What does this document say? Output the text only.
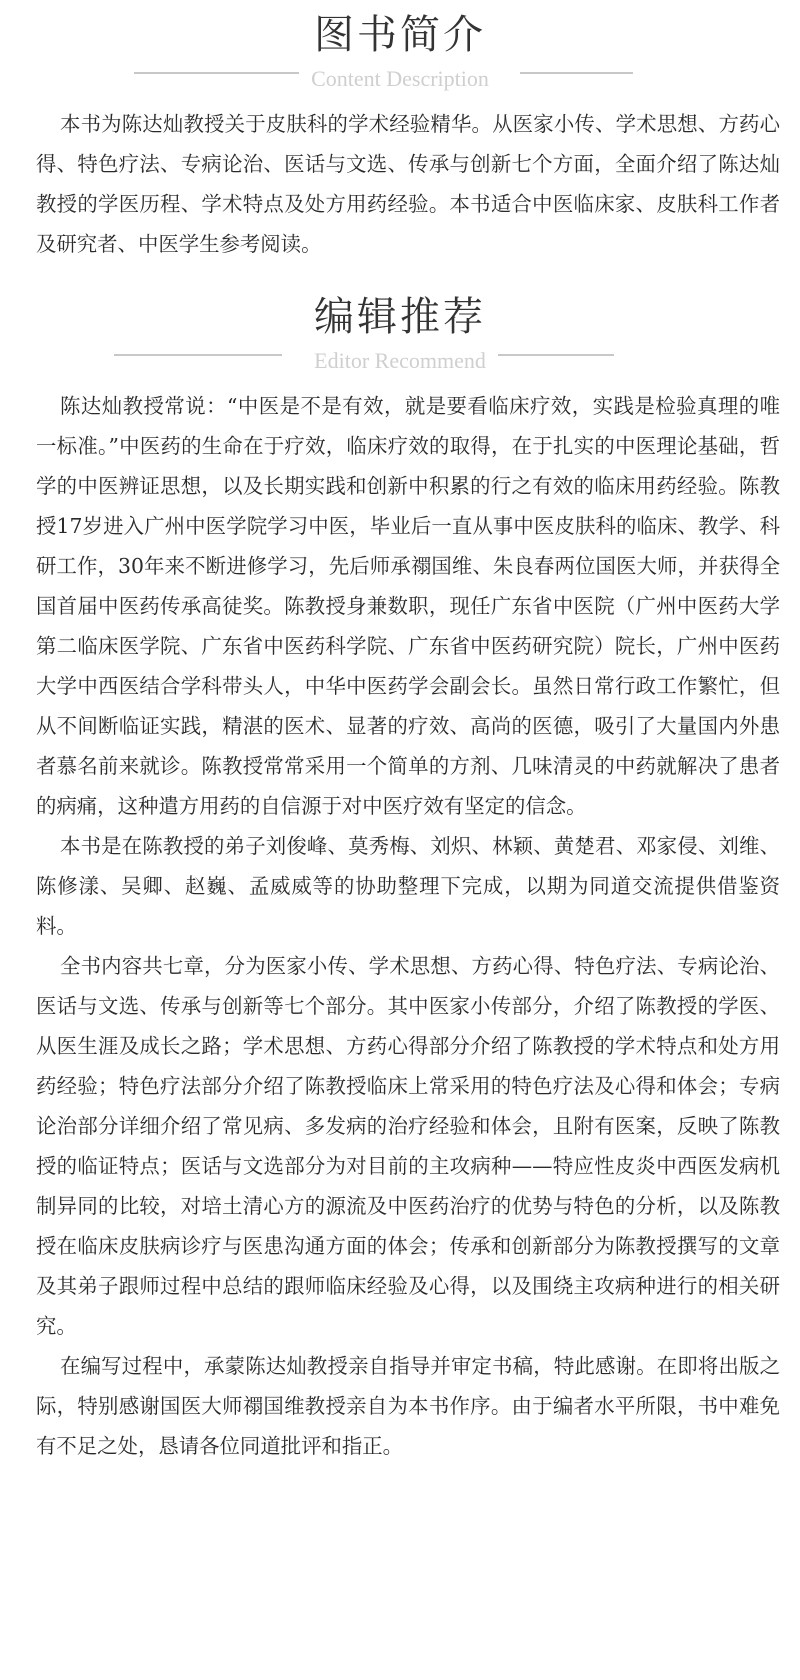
图书简介
Content Description

本书为陈达灿教授关于皮肤科的学术经验精华。从医家小传、学术思想、方药心得、特色疗法、专病论治、医话与文选、传承与创新七个方面，全面介绍了陈达灿教授的学医历程、学术特点及处方用药经验。本书适合中医临床家、皮肤科工作者及研究者、中医学生参考阅读。

编辑推荐
Editor Recommend

陈达灿教授常说：“中医是不是有效，就是要看临床疗效，实践是检验真理的唯一标准。”中医药的生命在于疗效，临床疗效的取得，在于扎实的中医理论基础，哲学的中医辨证思想，以及长期实践和创新中积累的行之有效的临床用药经验。陈教授17岁进入广州中医学院学习中医，毕业后一直从事中医皮肤科的临床、教学、科研工作，30年来不断进修学习，先后师承禤国维、朱良春两位国医大师，并获得全国首届中医药传承高徒奖。陈教授身兼数职，现任广东省中医院（广州中医药大学第二临床医学院、广东省中医药科学院、广东省中医药研究院）院长，广州中医药大学中西医结合学科带头人，中华中医药学会副会长。虽然日常行政工作繁忙，但从不间断临证实践，精湛的医术、显著的疗效、高尚的医德，吸引了大量国内外患者慕名前来就诊。陈教授常常采用一个简单的方剂、几味清灵的中药就解决了患者的病痛，这种遣方用药的自信源于对中医疗效有坚定的信念。

本书是在陈教授的弟子刘俊峰、莫秀梅、刘炽、林颖、黄楚君、邓家侵、刘维、陈修漾、吴卿、赵巍、孟威威等的协助整理下完成，以期为同道交流提供借鉴资料。

全书内容共七章，分为医家小传、学术思想、方药心得、特色疗法、专病论治、医话与文选、传承与创新等七个部分。其中医家小传部分，介绍了陈教授的学医、从医生涯及成长之路；学术思想、方药心得部分介绍了陈教授的学术特点和处方用药经验；特色疗法部分介绍了陈教授临床上常采用的特色疗法及心得和体会；专病论治部分详细介绍了常见病、多发病的治疗经验和体会，且附有医案，反映了陈教授的临证特点；医话与文选部分为对目前的主攻病种——特应性皮炎中西医发病机制异同的比较，对培土清心方的源流及中医药治疗的优势与特色的分析，以及陈教授在临床皮肤病诊疗与医患沟通方面的体会；传承和创新部分为陈教授撰写的文章及其弟子跟师过程中总结的跟师临床经验及心得，以及围绕主攻病种进行的相关研究。

在编写过程中，承蒙陈达灿教授亲自指导并审定书稿，特此感谢。在即将出版之际，特别感谢国医大师禤国维教授亲自为本书作序。由于编者水平所限，书中难免有不足之处，恳请各位同道批评和指正。
